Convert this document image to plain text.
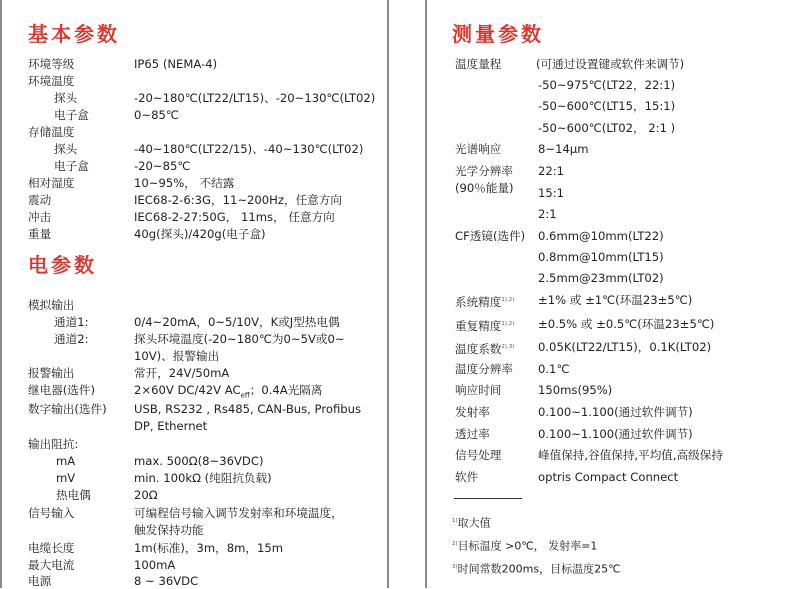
基本参数
环境等级	IP65 (NEMA-4)
环境温度
探头	-20~180℃(LT22/LT15)、-20~130℃(LT02)
电子盒	0~85℃
存储温度
探头	-40~180℃(LT22/15)、-40~130℃(LT02)
电子盒	-20~85℃
相对湿度	10~95%， 不结露
震动	IEC68-2-6:3G，11~200Hz，任意方向
冲击	IEC68-2-27:50G， 11ms， 任意方向
重量	40g(探头)/420g(电子盒)
电参数
模拟输出
通道1:	0/4~20mA，0~5/10V，K或J型热电偶
通道2:	探头环境温度(-20~180℃为0~5V或0~
10V)、报警输出
报警输出	常开，24V/50mA
继电器(选件)	2×60V DC/42V $AC_{eff}$；0.4A光隔离
数字输出(选件) USB, RS232 , Rs485, CAN-Bus, Profibus
DP, Ethernet
输出阻抗:
mA	max. 500Ω(8~36VDC)
mV	min. 100kΩ (纯阻抗负载)
热电偶	20Ω
信号输入	可编程信号输入调节发射率和环境温度，
触发保持功能
电缆长度	1m(标准)，3m，8m，15m
最大电流	100mA
电源	8 ~ 36VDC
测量参数
温度量程	(可通过设置键或软件来调节)
-50~975℃(LT22，22:1)
-50~600℃(LT15，15:1)
-50~600℃(LT02， 2:1 )
光谱响应	8~14μm
光学分辨率 22:1
(90％能量) 15:1
2:1
CF透镜(选件) 0.6mm@10mm(LT22)
0.8mm@10mm(LT15)
2.5mm@23mm(LT02)
系统精度$^{1),2)}$ ±1% 或 ±1℃(环温23±5℃)
重复精度$^{1),2)}$ ±0.5% 或 ±0.5℃(环温23±5℃)
温度系数$^{2),3)}$ 0.05K(LT22/LT15)，0.1K(LT02)
温度分辨率 0.1℃
响应时间	150ms(95%)
发射率	0.100~1.100(通过软件调节)
透过率	0.100~1.100(通过软件调节)
信号处理	峰值保持,谷值保持,平均值,高级保持
软件	optris Compact Connect
$^{1)}$取大值
$^{2)}$目标温度 >0℃， 发射率=1
$^{3)}$时间常数200ms，目标温度25℃
